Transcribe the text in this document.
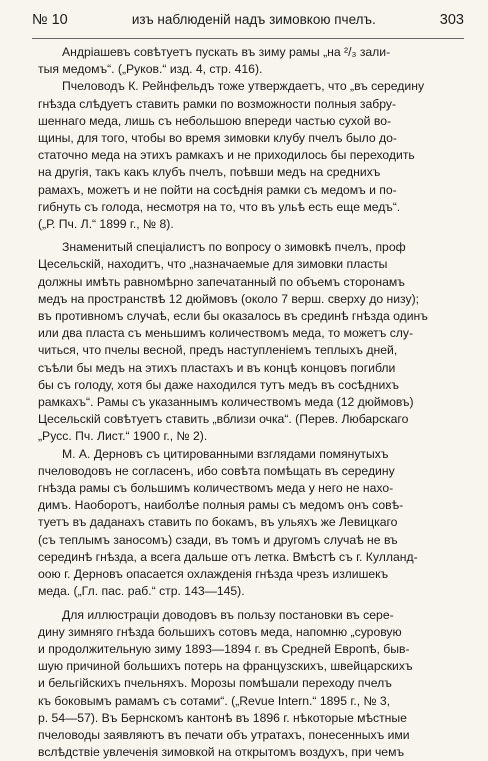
№ 10	изъ наблюденій надъ зимовкою пчелъ.	303

Андріашевъ совѣтуетъ пускать въ зиму рамы „на ²/₃ зали-
тыя медомъ“. („Руков.“ изд. 4, стр. 416).

Пчеловодъ К. Рейнфельдъ тоже утверждаетъ, что „въ середину
гнѣзда слѣдуетъ ставить рамки по возможности полныя забру-
шеннаго меда, лишь съ небольшою впереди частью сухой во-
щины, для того, чтобы во время зимовки клубу пчелъ было до-
статочно меда на этихъ рамкахъ и не приходилось бы переходить
на другія, такъ какъ клубъ пчелъ, поѣвши медъ на среднихъ
рамахъ, можетъ и не пойти на сосѣднія рамки съ медомъ и по-
гибнуть съ голода, несмотря на то, что въ ульѣ есть еще медъ“.
(„Р. Пч. Л.“ 1899 г., № 8).

Знаменитый спеціалистъ по вопросу о зимовкѣ пчелъ, проф
Цесельскій, находитъ, что „назначаемые для зимовки пласты
должны имѣть равномѣрно запечатанный по объемъ сторонамъ
медъ на пространствѣ 12 дюймовъ (около 7 верш. сверху до низу);
въ противномъ случаѣ, если бы оказалось въ срединѣ гнѣзда одинъ
или два пласта съ меньшимъ количествомъ меда, то можетъ слу-
читься, что пчелы весной, предъ наступленіемъ теплыхъ дней,
съѣли бы медъ на этихъ пластахъ и въ концѣ концовъ погибли
бы съ голоду, хотя бы даже находился тутъ медъ въ сосѣднихъ
рамкахъ“. Рамы съ указаннымъ количествомъ меда (12 дюймовъ)
Цесельскій совѣтуетъ ставить „вблизи очка“. (Перев. Любарскаго
„Русс. Пч. Лист.“ 1900 г., № 2).

М. А. Дерновъ съ цитированными взглядами помянутыхъ
пчеловодовъ не согласенъ, ибо совѣта помѣщать въ середину
гнѣзда рамы съ большимъ количествомъ меда у него не нахо-
димъ. Наоборотъ, наиболѣе полныя рамы съ медомъ онъ совѣ-
туетъ въ даданахъ ставить по бокамъ, въ ульяхъ же Левицкаго
(съ теплымъ заносомъ) сзади, въ томъ и другомъ случаѣ не въ
серединѣ гнѣзда, а всега дальше отъ летка. Вмѣстѣ съ г. Кулланд-
оою г. Дерновъ опасается охлажденія гнѣзда чрезъ излишекъ
меда. („Гл. пас. раб.“ стр. 143—145).

Для иллюстраціи доводовъ въ пользу постановки въ сере-
дину зимняго гнѣзда большихъ сотовъ меда, напомню „суровую
и продолжительную зиму 1893—1894 г. въ Средней Европѣ, быв-
шую причиной большихъ потерь на французскихъ, швейцарскихъ
и бельгійскихъ пчельняхъ. Морозы помѣшали переходу пчелъ
къ боковымъ рамамъ съ сотами“. („Revue Intern.“ 1895 г., № 3,
р. 54—57). Въ Бернскомъ кантонѣ въ 1896 г. нѣкоторые мѣстные
пчеловоды заявляютъ въ печати объ утратахъ, понесенныхъ ими
вслѣдствіе увлеченія зимовкой на открытомъ воздухъ, при чемъ
